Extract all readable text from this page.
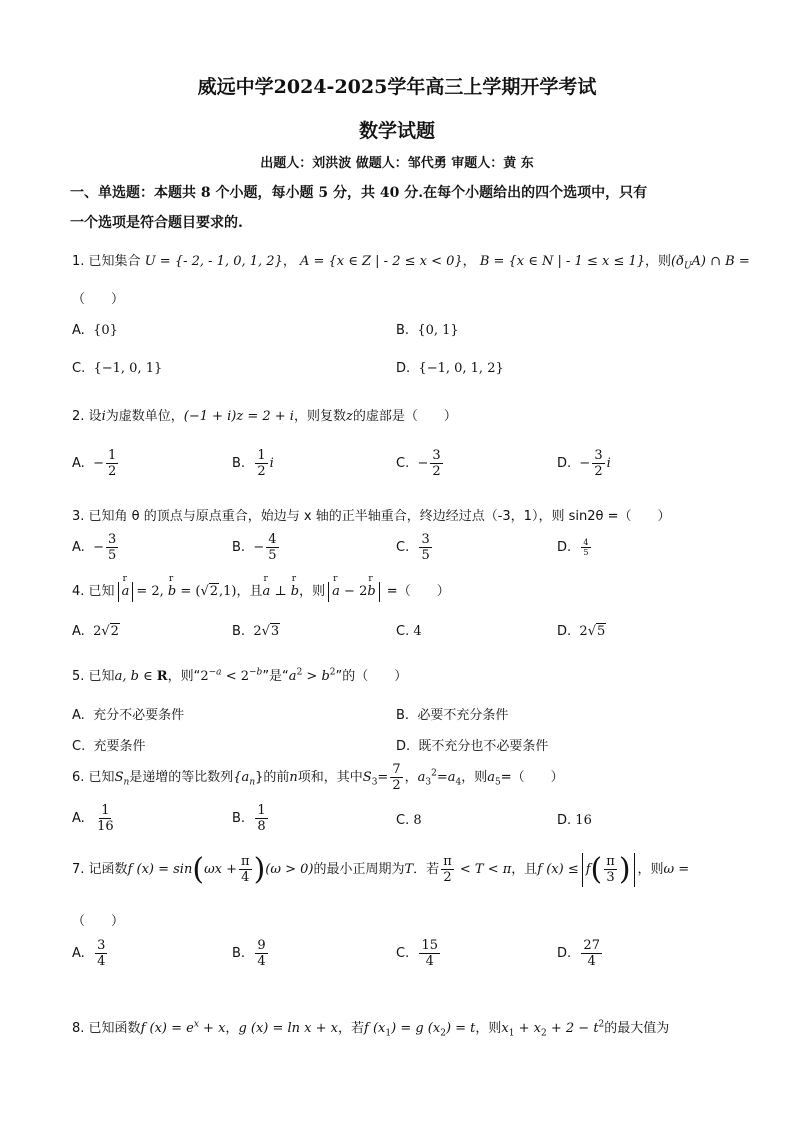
威远中学2024-2025学年高三上学期开学考试
数学试题
出题人：刘洪波 做题人：邹代勇 审题人：黄 东
一、单选题：本题共 8 个小题，每小题 5 分，共 40 分.在每个小题给出的四个选项中，只有
一个选项是符合题目要求的.
1. 已知集合 U = {- 2, - 1, 0, 1, 2}， A = {x ∈ Z | - 2 ≤ x < 0}， B = {x ∈ N | - 1 ≤ x ≤ 1}，则$(ð_UA)$ ∩ B =
（　　）
A. {0}	B. {0, 1}
C. {−1, 0, 1}	D. {−1, 0, 1, 2}
2. 设i为虚数单位，(−1 + i)z = 2 + i，则复数z的虚部是（　　）
A. − $\frac{1}{2}$	B. $\frac{1}{2}$ i	C. − $\frac{3}{2}$	D. − $\frac{3}{2}$ i
3. 已知角 θ 的顶点与原点重合，始边与 x 轴的正半轴重合，终边经过点（-3，1），则 sin2θ =（　　）
A. − $\frac{3}{5}$	B. − $\frac{4}{5}$	C. $\frac{3}{5}$	D. $\frac{4}{5}$
4. 已知 r a = 2, r b = (√2,1)，且r a ⊥ r b，则 r a − 2r b =（　　）
A. 2√2	B. 2√3	C. 4	D. 2√5
5. 已知a, b ∈ R，则“$2^{-a} < 2^{-b}$”是“$a^2 > b^2$”的（　　）
A. 充分不必要条件	B. 必要不充分条件
C. 充要条件	D. 既不充分也不必要条件
6. 已知$S_n$是递增的等比数列$\{a_n\}$的前n项和，其中$S_3= \frac{7}{2}$ ，$a_3^2=a_4$，则$a_5=$（　　）
A. $\frac{1}{16}$	B. $\frac{1}{8}$	C. 8	D. 16
7. 记函数f $(x) = \sin(\omega x + \frac{\pi}{4} )(\omega > 0)$的最小正周期为T．若 $\frac{\pi}{2} < T < \pi$，且f $(x) \le f( \frac{\pi}{3}$ ) ，则ω =
（　　）
A. $\frac{3}{4}$	B. $\frac{9}{4}$	C. $\frac{15}{4}$	D. $\frac{27}{4}$
8. 已知函数f $(x) = e^x + x$，g (x) = ln x + x，若f $(x_1) = g$ $(x_2) = t$，则$x_1 + x_2 + 2 - t^2$的最大值为
